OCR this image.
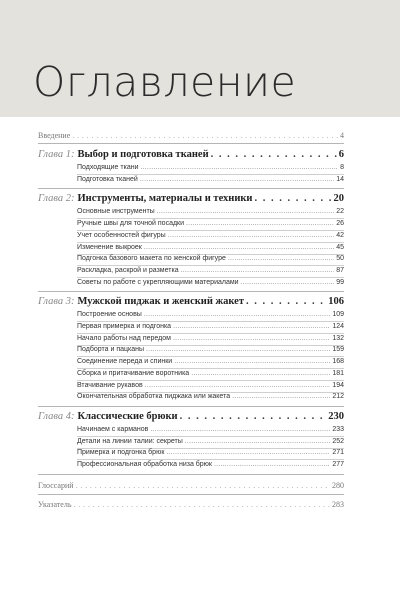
Оглавление
Введение . . .	4
Глава 1: Выбор и подготовка тканей . . .	6
Подходящие ткани .....	8
Подготовка тканей .....	14
Глава 2: Инструменты, материалы и техники . . .	20
Основные инструменты .....	22
Ручные швы для точной посадки .....	26
Учет особенностей фигуры .....	42
Изменение выкроек .....	45
Подгонка базового макета по женской фигуре .....	50
Раскладка, раскрой и разметка .....	87
Советы по работе с укрепляющими материалами .....	99
Глава 3: Мужской пиджак и женский жакет . . .	106
Построение основы .....	109
Первая примерка и подгонка .....	124
Начало работы над передом .....	132
Подборта и пацканы .....	159
Соединение переда и спинки .....	168
Сборка и притачивание воротника .....	181
Втачивание рукавов .....	194
Окончательная обработка пиджака или жакета .....	212
Глава 4: Классические брюки . . .	230
Начинаем с карманов .....	233
Детали на линии талии: секреты .....	252
Примерка и подгонка брюк .....	271
Профессиональная обработка низа брюк .....	277
Глоссарий . . .	280
Указатель . . .	283
